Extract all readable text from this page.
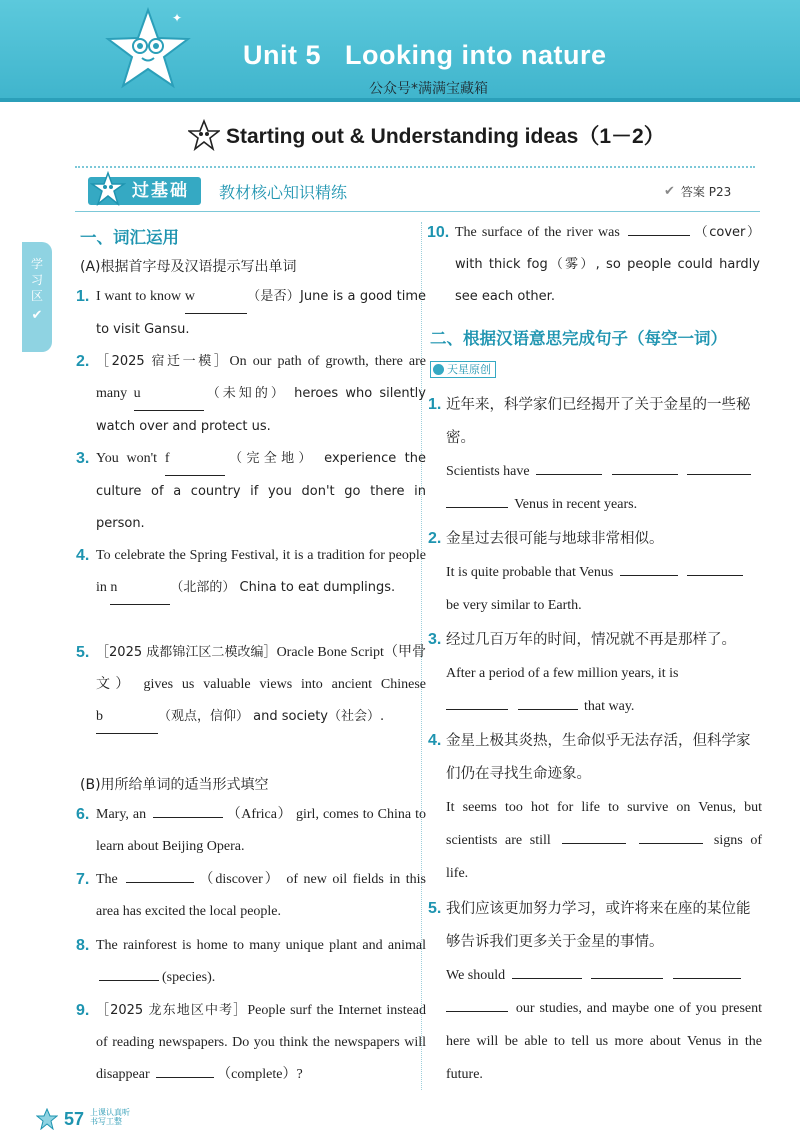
✦
Unit 5   Looking into nature
公众号*满满宝藏箱
Starting out & Understanding ideas（1－2）
过基础	教材核心知识精练	✔ 答案 P23
学
习
区
✔
一、词汇运用
(A)根据首字母及汉语提示写出单词
1. I want to know w	（是否）June is a good time to visit Gansu.
2. ［2025 宿迁一模］On our path of growth, there are many u	（未知的） heroes who silently watch over and protect us.
3. You won't f	（完全地） experience the culture of a country if you don't go there in person.
4. To celebrate the Spring Festival, it is a tradition for people in n	（北部的） China to eat dumplings.
5. ［2025 成都锦江区二模改编］Oracle Bone Script（甲骨文） gives us valuable views into ancient Chinese b	（观点，信仰） and society（社会）.
(B)用所给单词的适当形式填空
6. Mary, an	（Africa） girl, comes to China to learn about Beijing Opera.
7. The	（discover） of new oil fields in this area has excited the local people.
8. The rainforest is home to many unique plant and animal (species).
9. ［2025 龙东地区中考］People surf the Internet instead of reading newspapers. Do you think the newspapers will disappear	（complete）?
10. The surface of the river was	（cover） with thick fog（雾）, so people could hardly see each other.
二、根据汉语意思完成句子（每空一词）
天星原创
1. 近年来，科学家们已经揭开了关于金星的一些秘密。
Scientists have
Venus in recent years.
2. 金星过去很可能与地球非常相似。
It is quite probable that Venus
be very similar to Earth.
3. 经过几百万年的时间，情况就不再是那样了。
After a period of a few million years, it is
that way.
4. 金星上极其炎热，生命似乎无法存活，但科学家们仍在寻找生命迹象。
It seems too hot for life to survive on Venus, but scientists are still	signs of life.
5. 我们应该更加努力学习，或许将来在座的某位能够告诉我们更多关于金星的事情。
We should
our studies, and maybe one of you present here will be able to tell us more about Venus in the future.
57 上课认真听 书写工整
